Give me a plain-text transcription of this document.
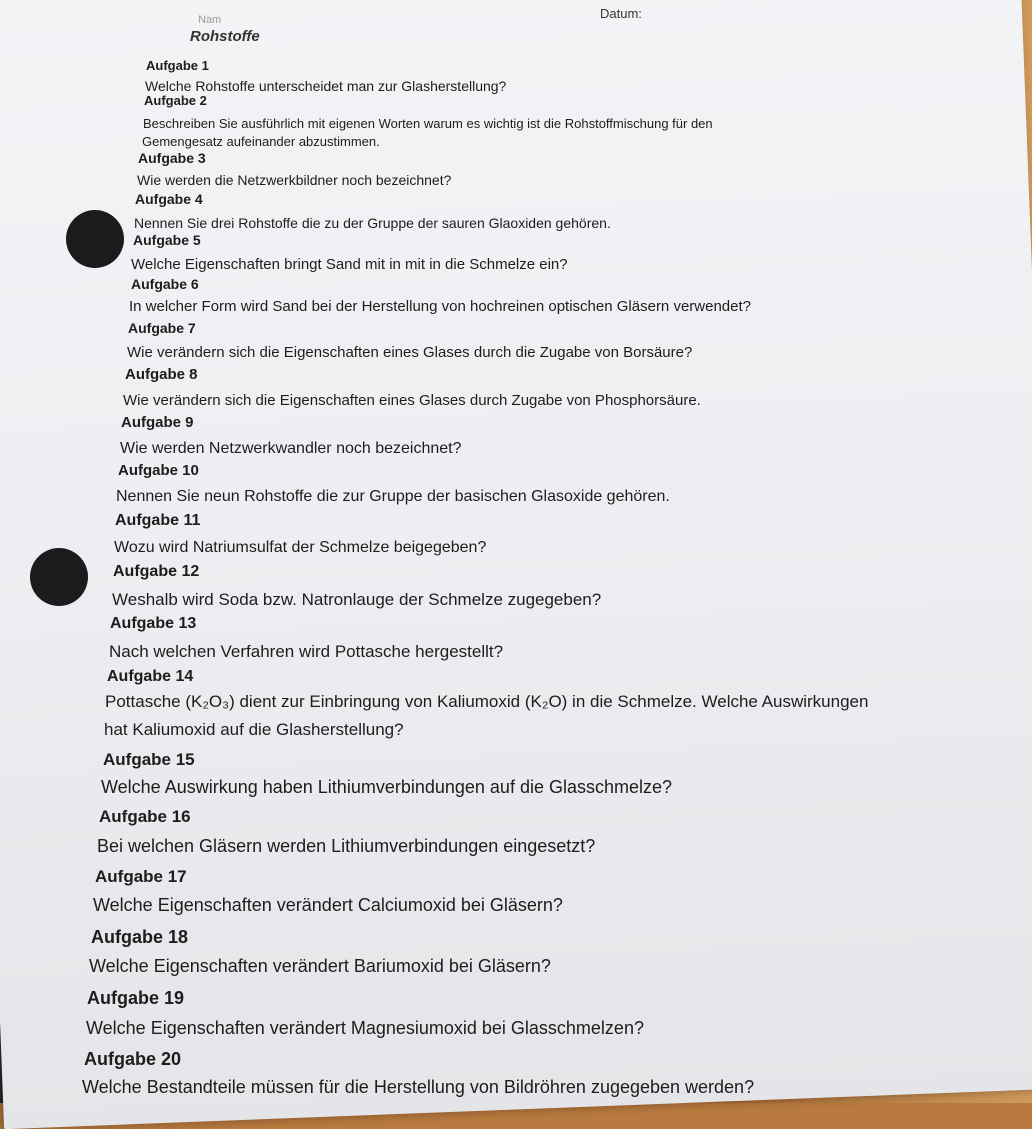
Nam	Datum:
Rohstoffe
Aufgabe 1
Welche Rohstoffe unterscheidet man zur Glasherstellung?
Aufgabe 2
Beschreiben Sie ausführlich mit eigenen Worten warum es wichtig ist die Rohstoffmischung für den
Gemengesatz aufeinander abzustimmen.
Aufgabe 3
Wie werden die Netzwerkbildner noch bezeichnet?
Aufgabe 4
Nennen Sie drei Rohstoffe die zu der Gruppe der sauren Glaoxiden gehören.
Aufgabe 5
Welche Eigenschaften bringt Sand mit in mit in die Schmelze ein?
Aufgabe 6
In welcher Form wird Sand bei der Herstellung von hochreinen optischen Gläsern verwendet?
Aufgabe 7
Wie verändern sich die Eigenschaften eines Glases durch die Zugabe von Borsäure?
Aufgabe 8
Wie verändern sich die Eigenschaften eines Glases durch Zugabe von Phosphorsäure.
Aufgabe 9
Wie werden Netzwerkwandler noch bezeichnet?
Aufgabe 10
Nennen Sie neun Rohstoffe die zur Gruppe der basischen Glasoxide gehören.
Aufgabe 11
Wozu wird Natriumsulfat der Schmelze beigegeben?
Aufgabe 12
Weshalb wird Soda bzw. Natronlauge der Schmelze zugegeben?
Aufgabe 13
Nach welchen Verfahren wird Pottasche hergestellt?
Aufgabe 14
Pottasche (K₂O₃) dient zur Einbringung von Kaliumoxid (K₂O) in die Schmelze. Welche Auswirkungen
hat Kaliumoxid auf die Glasherstellung?
Aufgabe 15
Welche Auswirkung haben Lithiumverbindungen auf die Glasschmelze?
Aufgabe 16
Bei welchen Gläsern werden Lithiumverbindungen eingesetzt?
Aufgabe 17
Welche Eigenschaften verändert Calciumoxid bei Gläsern?
Aufgabe 18
Welche Eigenschaften verändert Bariumoxid bei Gläsern?
Aufgabe 19
Welche Eigenschaften verändert Magnesiumoxid bei Glasschmelzen?
Aufgabe 20
Welche Bestandteile müssen für die Herstellung von Bildröhren zugegeben werden?
